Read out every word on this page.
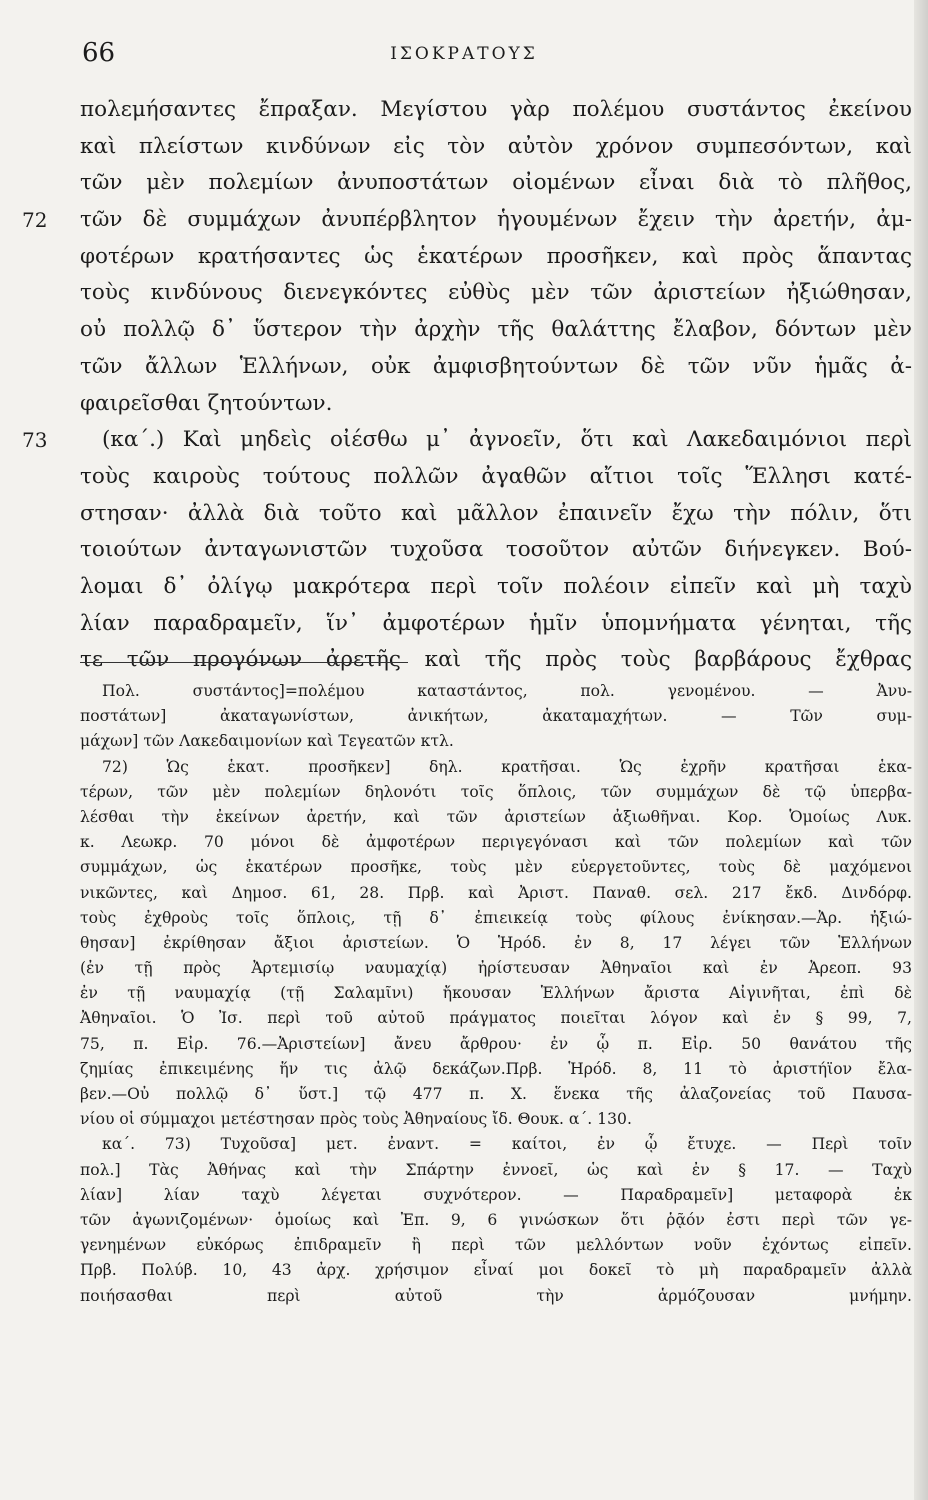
66	ΙΣΟΚΡΑΤΟΥΣ
πολεμήσαντες ἔπραξαν. Μεγίστου γὰρ πολέμου συστάντος ἐκείνου
καὶ πλείστων κινδύνων εἰς τὸν αὐτὸν χρόνον συμπεσόντων, καὶ
τῶν μὲν πολεμίων ἀνυποστάτων οἰομένων εἶναι διὰ τὸ πλῆθος,
72 τῶν δὲ συμμάχων ἀνυπέρβλητον ἡγουμένων ἔχειν τὴν ἀρετήν, ἀμ-
φοτέρων κρατήσαντες ὡς ἑκατέρων προσῆκεν, καὶ πρὸς ἅπαντας
τοὺς κινδύνους διενεγκόντες εὐθὺς μὲν τῶν ἀριστείων ἠξιώθησαν,
οὐ πολλῷ δ᾽ ὕστερον τὴν ἀρχὴν τῆς θαλάττης ἔλαβον, δόντων μὲν
τῶν ἄλλων Ἑλλήνων, οὐκ ἀμφισβητούντων δὲ τῶν νῦν ἡμᾶς ἀ-
φαιρεῖσθαι ζητούντων.
73	(κα΄.) Καὶ μηδεὶς οἰέσθω μ᾽ ἀγνοεῖν, ὅτι καὶ Λακεδαιμόνιοι περὶ
τοὺς καιροὺς τούτους πολλῶν ἀγαθῶν αἴτιοι τοῖς Ἕλλησι κατέ-
στησαν· ἀλλὰ διὰ τοῦτο καὶ μᾶλλον ἐπαινεῖν ἔχω τὴν πόλιν, ὅτι
τοιούτων ἀνταγωνιστῶν τυχοῦσα τοσοῦτον αὐτῶν διήνεγκεν. Βού-
λομαι δ᾽ ὀλίγῳ μακρότερα περὶ τοῖν πολέοιν εἰπεῖν καὶ μὴ ταχὺ
λίαν παραδραμεῖν, ἵν᾽ ἀμφοτέρων ἡμῖν ὑπομνήματα γένηται, τῆς
τε τῶν προγόνων ἀρετῆς καὶ τῆς πρὸς τοὺς βαρβάρους ἔχθρας
Πολ. συστάντος]=πολέμου καταστάντος, πολ. γενομένου. — Ἀνυ-
ποστάτων] ἀκαταγωνίστων, ἀνικήτων, ἀκαταμαχήτων. — Τῶν συμ-
μάχων] τῶν Λακεδαιμονίων καὶ Τεγεατῶν κτλ.
72) Ὡς ἑκατ. προσῆκεν] δηλ. κρατῆσαι. Ὡς ἐχρῆν κρατῆσαι ἑκα-
τέρων, τῶν μὲν πολεμίων δηλονότι τοῖς ὅπλοις, τῶν συμμάχων δὲ τῷ ὑπερβα-
λέσθαι τὴν ἐκείνων ἀρετήν, καὶ τῶν ἀριστείων ἀξιωθῆναι. Κορ. Ὁμοίως Λυκ.
κ. Λεωκρ. 70 μόνοι δὲ ἀμφοτέρων περιγεγόνασι καὶ τῶν πολεμίων καὶ τῶν
συμμάχων, ὡς ἑκατέρων προσῆκε, τοὺς μὲν εὐεργετοῦντες, τοὺς δὲ μαχόμενοι
νικῶντες, καὶ Δημοσ. 61, 28. Πρβ. καὶ Ἀριστ. Παναθ. σελ. 217 ἔκδ. Δινδόρφ.
τοὺς ἐχθροὺς τοῖς ὅπλοις, τῇ δ᾽ ἐπιεικείᾳ τοὺς φίλους ἐνίκησαν.—Ἀρ. ἠξιώ-
θησαν] ἐκρίθησαν ἄξιοι ἀριστείων. Ὁ Ἡρόδ. ἐν 8, 17 λέγει τῶν Ἑλλήνων
(ἐν τῇ πρὸς Ἀρτεμισίῳ ναυμαχίᾳ) ἠρίστευσαν Ἀθηναῖοι καὶ ἐν Ἀρεοπ. 93
ἐν τῇ ναυμαχίᾳ (τῇ Σαλαμῖνι) ἤκουσαν Ἑλλήνων ἄριστα Αἰγινῆται, ἐπὶ δὲ
Ἀθηναῖοι. Ὁ Ἰσ. περὶ τοῦ αὐτοῦ πράγματος ποιεῖται λόγον καὶ ἐν § 99, 7,
75, π. Εἰρ. 76.—Ἀριστείων] ἄνευ ἄρθρου· ἐν ᾧ π. Εἰρ. 50 θανάτου τῆς
ζημίας ἐπικειμένης ἥν τις ἀλῷ δεκάζων.Πρβ. Ἡρόδ. 8, 11 τὸ ἀριστήϊον ἔλα-
βεν.—Οὐ πολλῷ δ᾽ ὕστ.] τῷ 477 π. Χ. ἕνεκα τῆς ἀλαζονείας τοῦ Παυσα-
νίου οἱ σύμμαχοι μετέστησαν πρὸς τοὺς Ἀθηναίους ἴδ. Θουκ. α΄. 130.
κα΄. 73) Τυχοῦσα] μετ. ἐναντ. = καίτοι, ἐν ᾧ ἔτυχε. — Περὶ τοῖν
πολ.] Τὰς Ἀθήνας καὶ τὴν Σπάρτην ἐννοεῖ, ὡς καὶ ἐν § 17. — Ταχὺ
λίαν] λίαν ταχὺ λέγεται συχνότερον. — Παραδραμεῖν] μεταφορὰ ἐκ
τῶν ἀγωνιζομένων· ὁμοίως καὶ Ἐπ. 9, 6 γινώσκων ὅτι ῥᾷόν ἐστι περὶ τῶν γε-
γενημένων εὐκόρως ἐπιδραμεῖν ἢ περὶ τῶν μελλόντων νοῦν ἐχόντως εἰπεῖν.
Πρβ. Πολύβ. 10, 43 ἀρχ. χρήσιμον εἶναί μοι δοκεῖ τὸ μὴ παραδραμεῖν ἀλλὰ
ποιήσασθαι περὶ αὐτοῦ τὴν ἁρμόζουσαν μνήμην.
